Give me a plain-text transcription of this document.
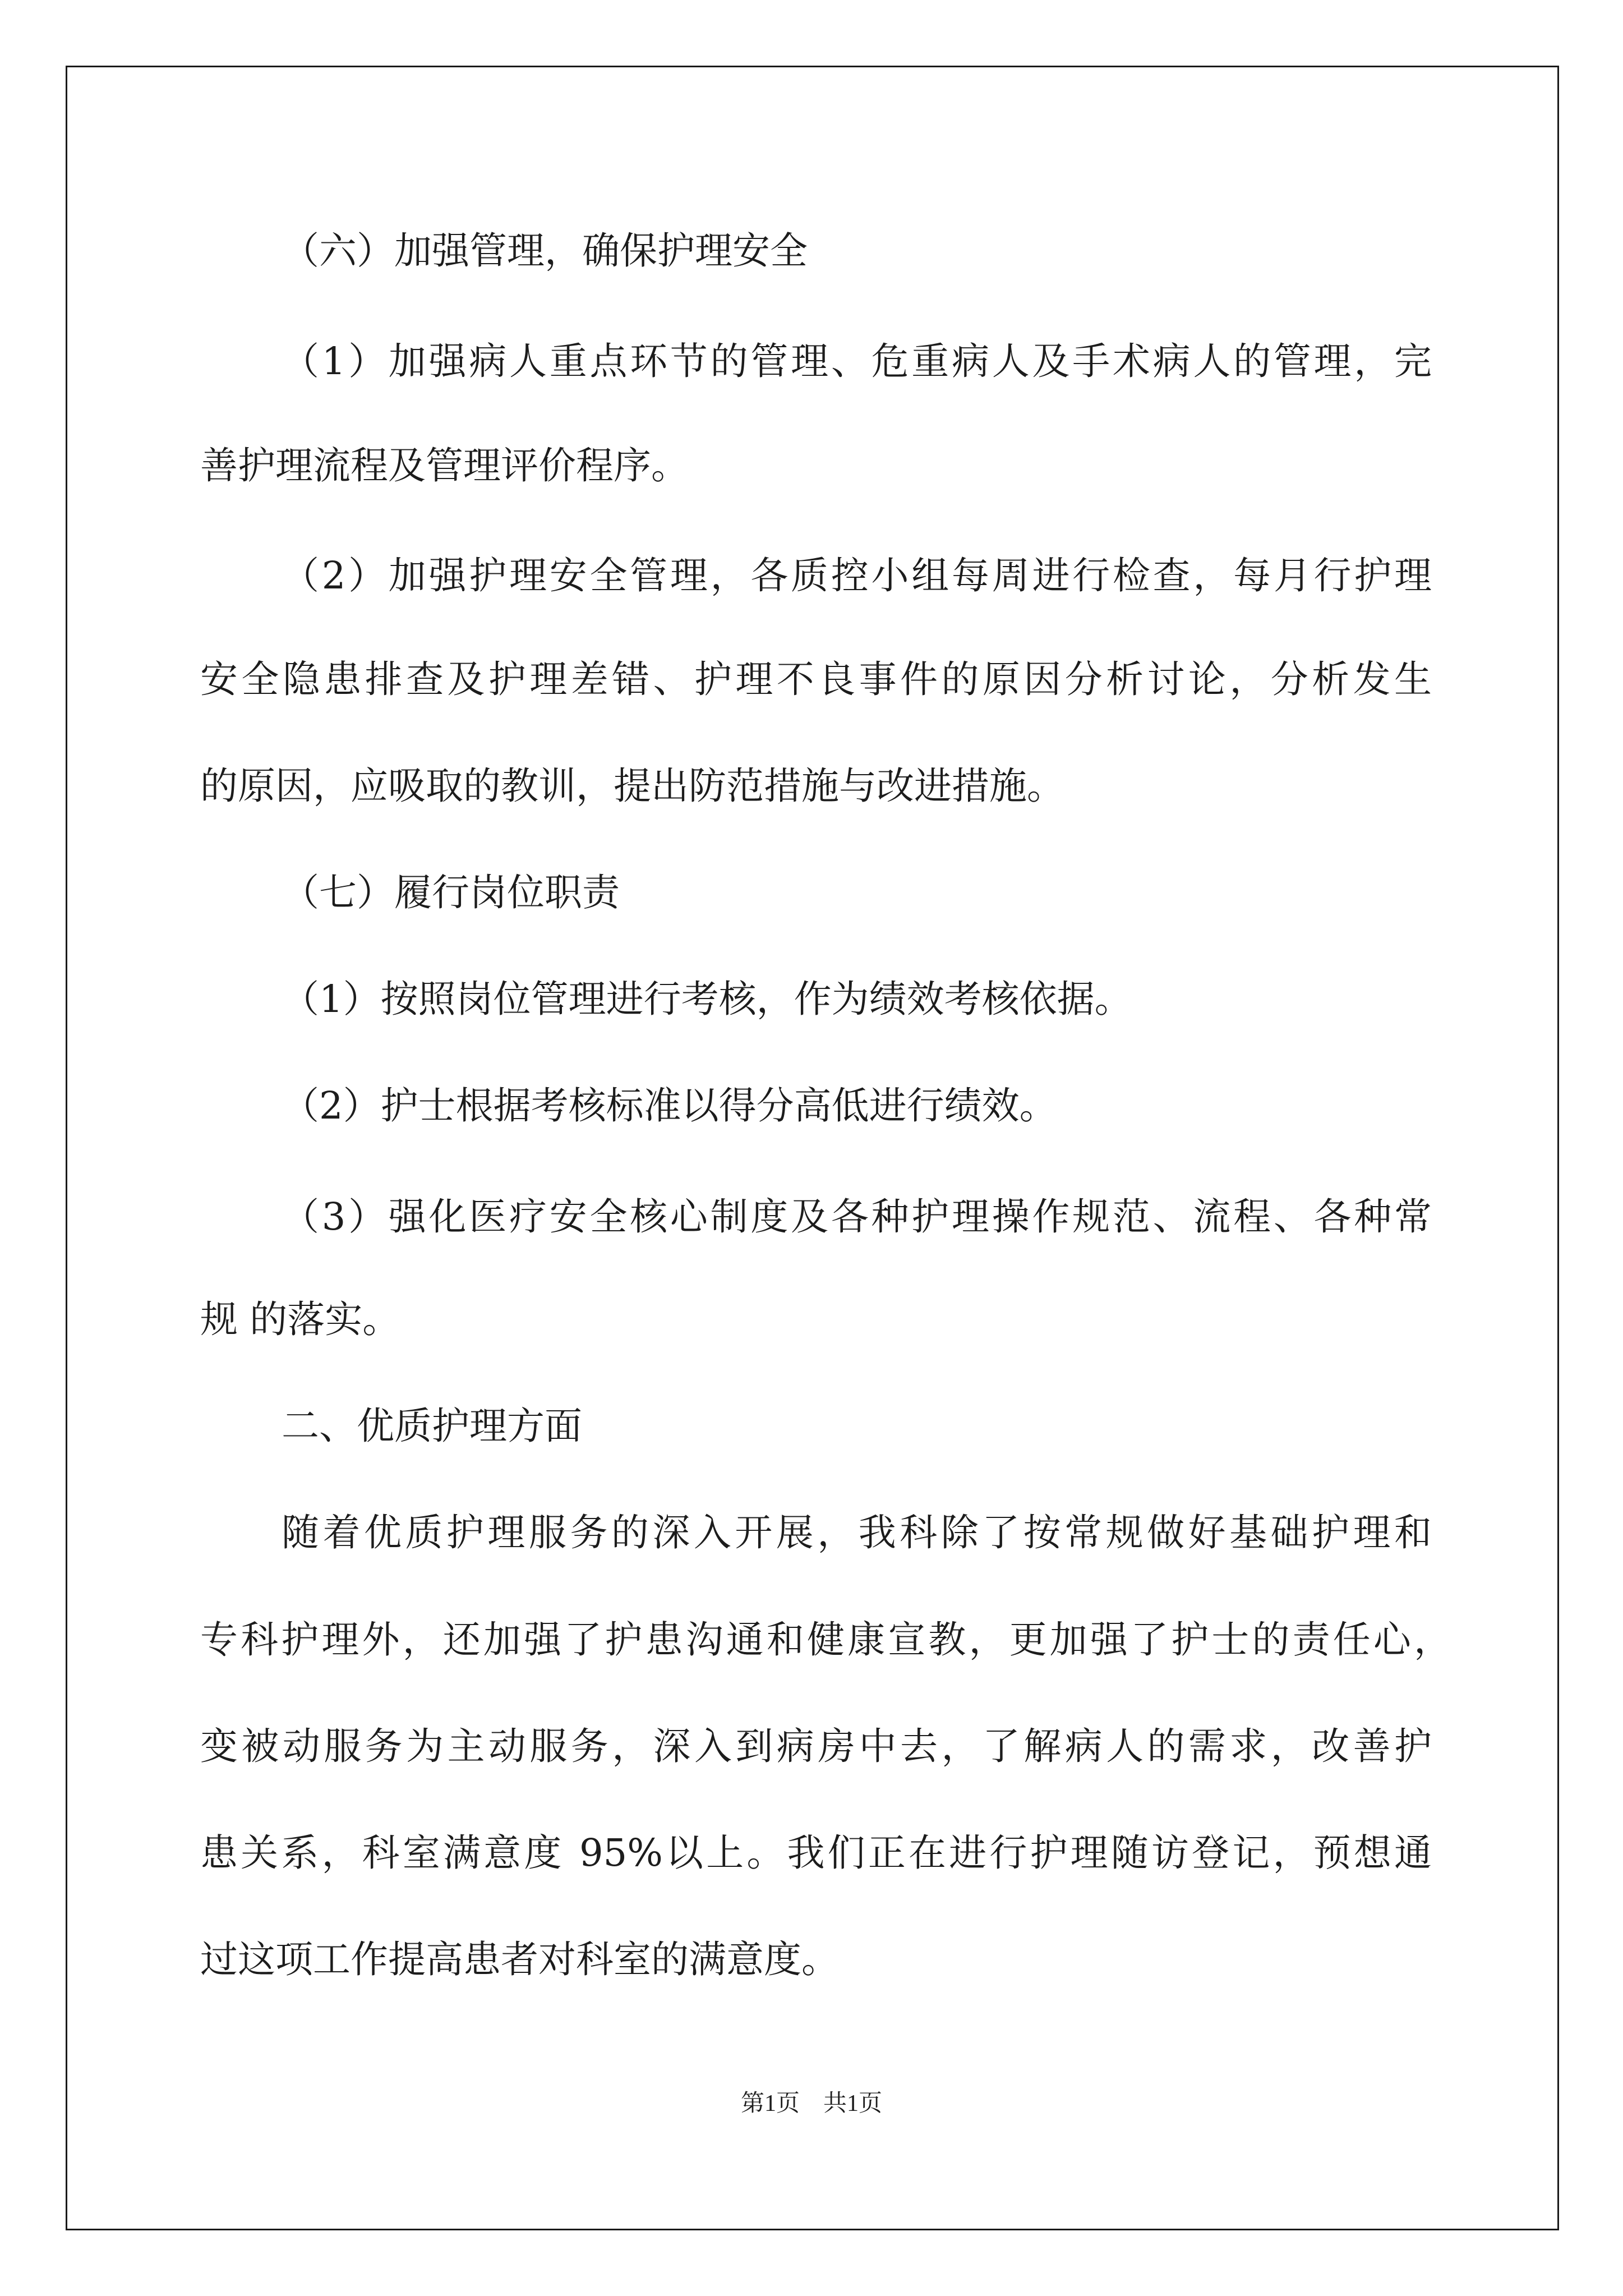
（六）加强管理，确保护理安全

（1）加强病人重点环节的管理、危重病人及手术病人的管理，完

善护理流程及管理评价程序。

（2）加强护理安全管理，各质控小组每周进行检查，每月行护理

安全隐患排查及护理差错、护理不良事件的原因分析讨论，分析发生

的原因，应吸取的教训，提出防范措施与改进措施。

（七）履行岗位职责

（1）按照岗位管理进行考核，作为绩效考核依据。

（2）护士根据考核标准以得分高低进行绩效。

（3）强化医疗安全核心制度及各种护理操作规范、流程、各种常

规 的落实。

二、优质护理方面

随着优质护理服务的深入开展，我科除了按常规做好基础护理和

专科护理外，还加强了护患沟通和健康宣教，更加强了护士的责任心，

变被动服务为主动服务，深入到病房中去，了解病人的需求，改善护

患关系，科室满意度 95%以上。我们正在进行护理随访登记，预想通

过这项工作提高患者对科室的满意度。

第1页    共1页
